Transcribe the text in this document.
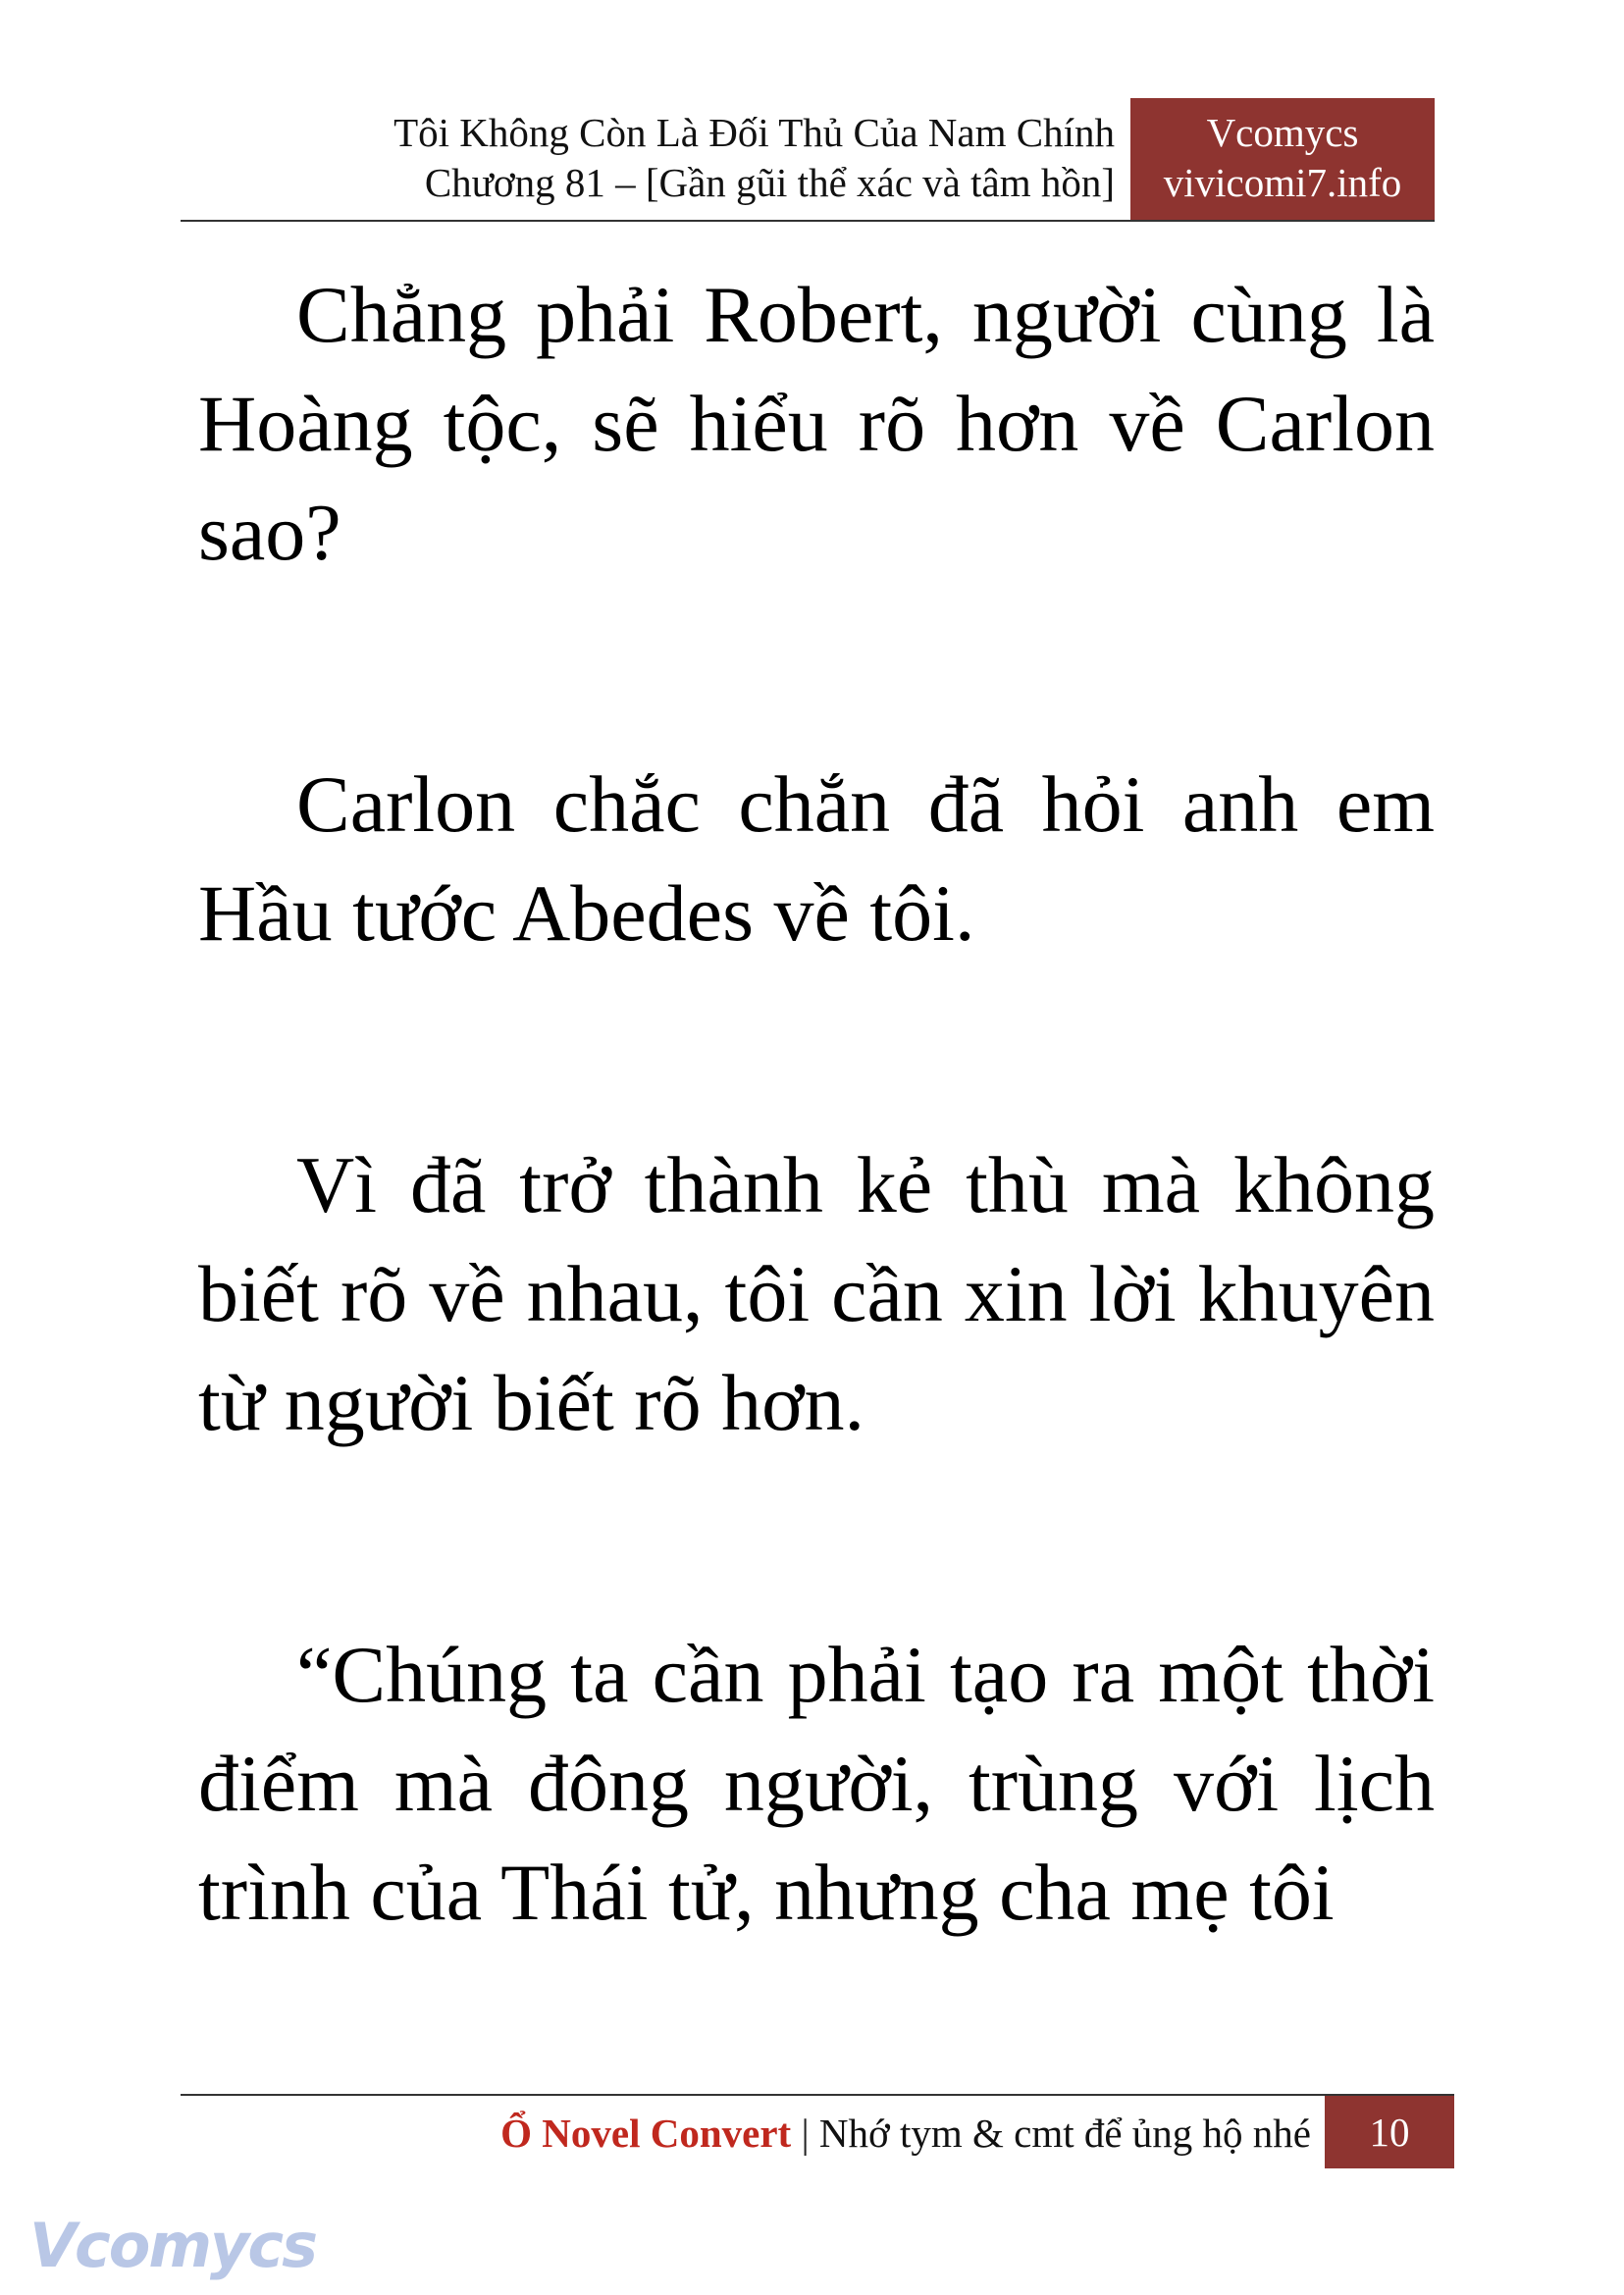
Tôi Không Còn Là Đối Thủ Của Nam Chính
Chương 81 – [Gần gũi thể xác và tâm hồn]
Vcomycs
vivicomi7.info

Chẳng phải Robert, người cùng là Hoàng tộc, sẽ hiểu rõ hơn về Carlon sao?

Carlon chắc chắn đã hỏi anh em Hầu tước Abedes về tôi.

Vì đã trở thành kẻ thù mà không biết rõ về nhau, tôi cần xin lời khuyên từ người biết rõ hơn.

“Chúng ta cần phải tạo ra một thời điểm mà đông người, trùng với lịch trình của Thái tử, nhưng cha mẹ tôi

Ổ Novel Convert | Nhớ tym & cmt để ủng hộ nhé	10
Vcomycs
